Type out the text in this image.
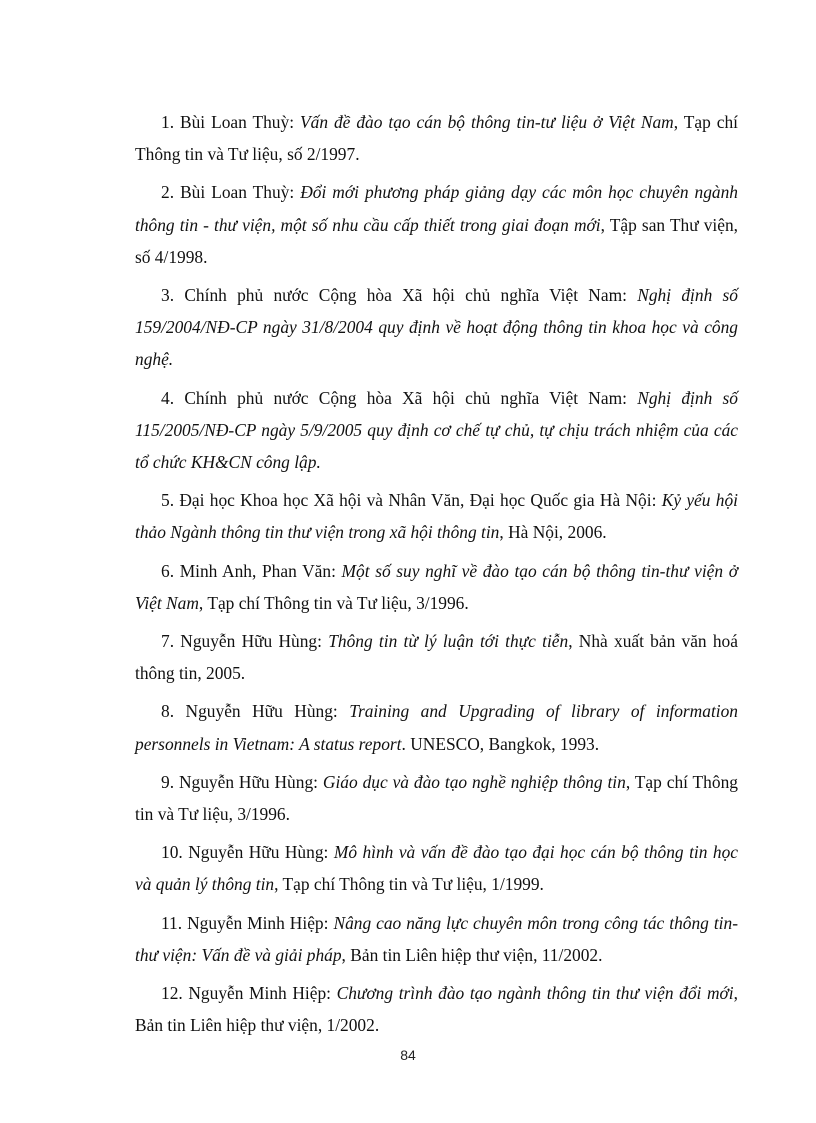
1. Bùi Loan Thuỳ: Vấn đề đào tạo cán bộ thông tin-tư liệu ở Việt Nam, Tạp chí Thông tin và Tư liệu, số 2/1997.
2. Bùi Loan Thuỳ: Đổi mới phương pháp giảng dạy các môn học chuyên ngành thông tin - thư viện, một số nhu cầu cấp thiết trong giai đoạn mới, Tập san Thư viện, số 4/1998.
3. Chính phủ nước Cộng hòa Xã hội chủ nghĩa Việt Nam: Nghị định số 159/2004/NĐ-CP ngày 31/8/2004 quy định về hoạt động thông tin khoa học và công nghệ.
4. Chính phủ nước Cộng hòa Xã hội chủ nghĩa Việt Nam: Nghị định số 115/2005/NĐ-CP ngày 5/9/2005 quy định cơ chế tự chủ, tự chịu trách nhiệm của các tổ chức KH&CN công lập.
5. Đại học Khoa học Xã hội và Nhân Văn, Đại học Quốc gia Hà Nội: Kỷ yếu hội thảo Ngành thông tin thư viện trong xã hội thông tin, Hà Nội, 2006.
6. Minh Anh, Phan Văn: Một số suy nghĩ về đào tạo cán bộ thông tin-thư viện ở Việt Nam, Tạp chí Thông tin và Tư liệu, 3/1996.
7. Nguyễn Hữu Hùng: Thông tin từ lý luận tới thực tiễn, Nhà xuất bản văn hoá thông tin, 2005.
8. Nguyễn Hữu Hùng: Training and Upgrading of library of information personnels in Vietnam: A status report. UNESCO, Bangkok, 1993.
9. Nguyễn Hữu Hùng: Giáo dục và đào tạo nghề nghiệp thông tin, Tạp chí Thông tin và Tư liệu, 3/1996.
10. Nguyễn Hữu Hùng: Mô hình và vấn đề đào tạo đại học cán bộ thông tin học và quản lý thông tin, Tạp chí Thông tin và Tư liệu, 1/1999.
11. Nguyễn Minh Hiệp: Nâng cao năng lực chuyên môn trong công tác thông tin-thư viện: Vấn đề và giải pháp, Bản tin Liên hiệp thư viện, 11/2002.
12. Nguyễn Minh Hiệp: Chương trình đào tạo ngành thông tin thư viện đổi mới, Bản tin Liên hiệp thư viện, 1/2002.
84
